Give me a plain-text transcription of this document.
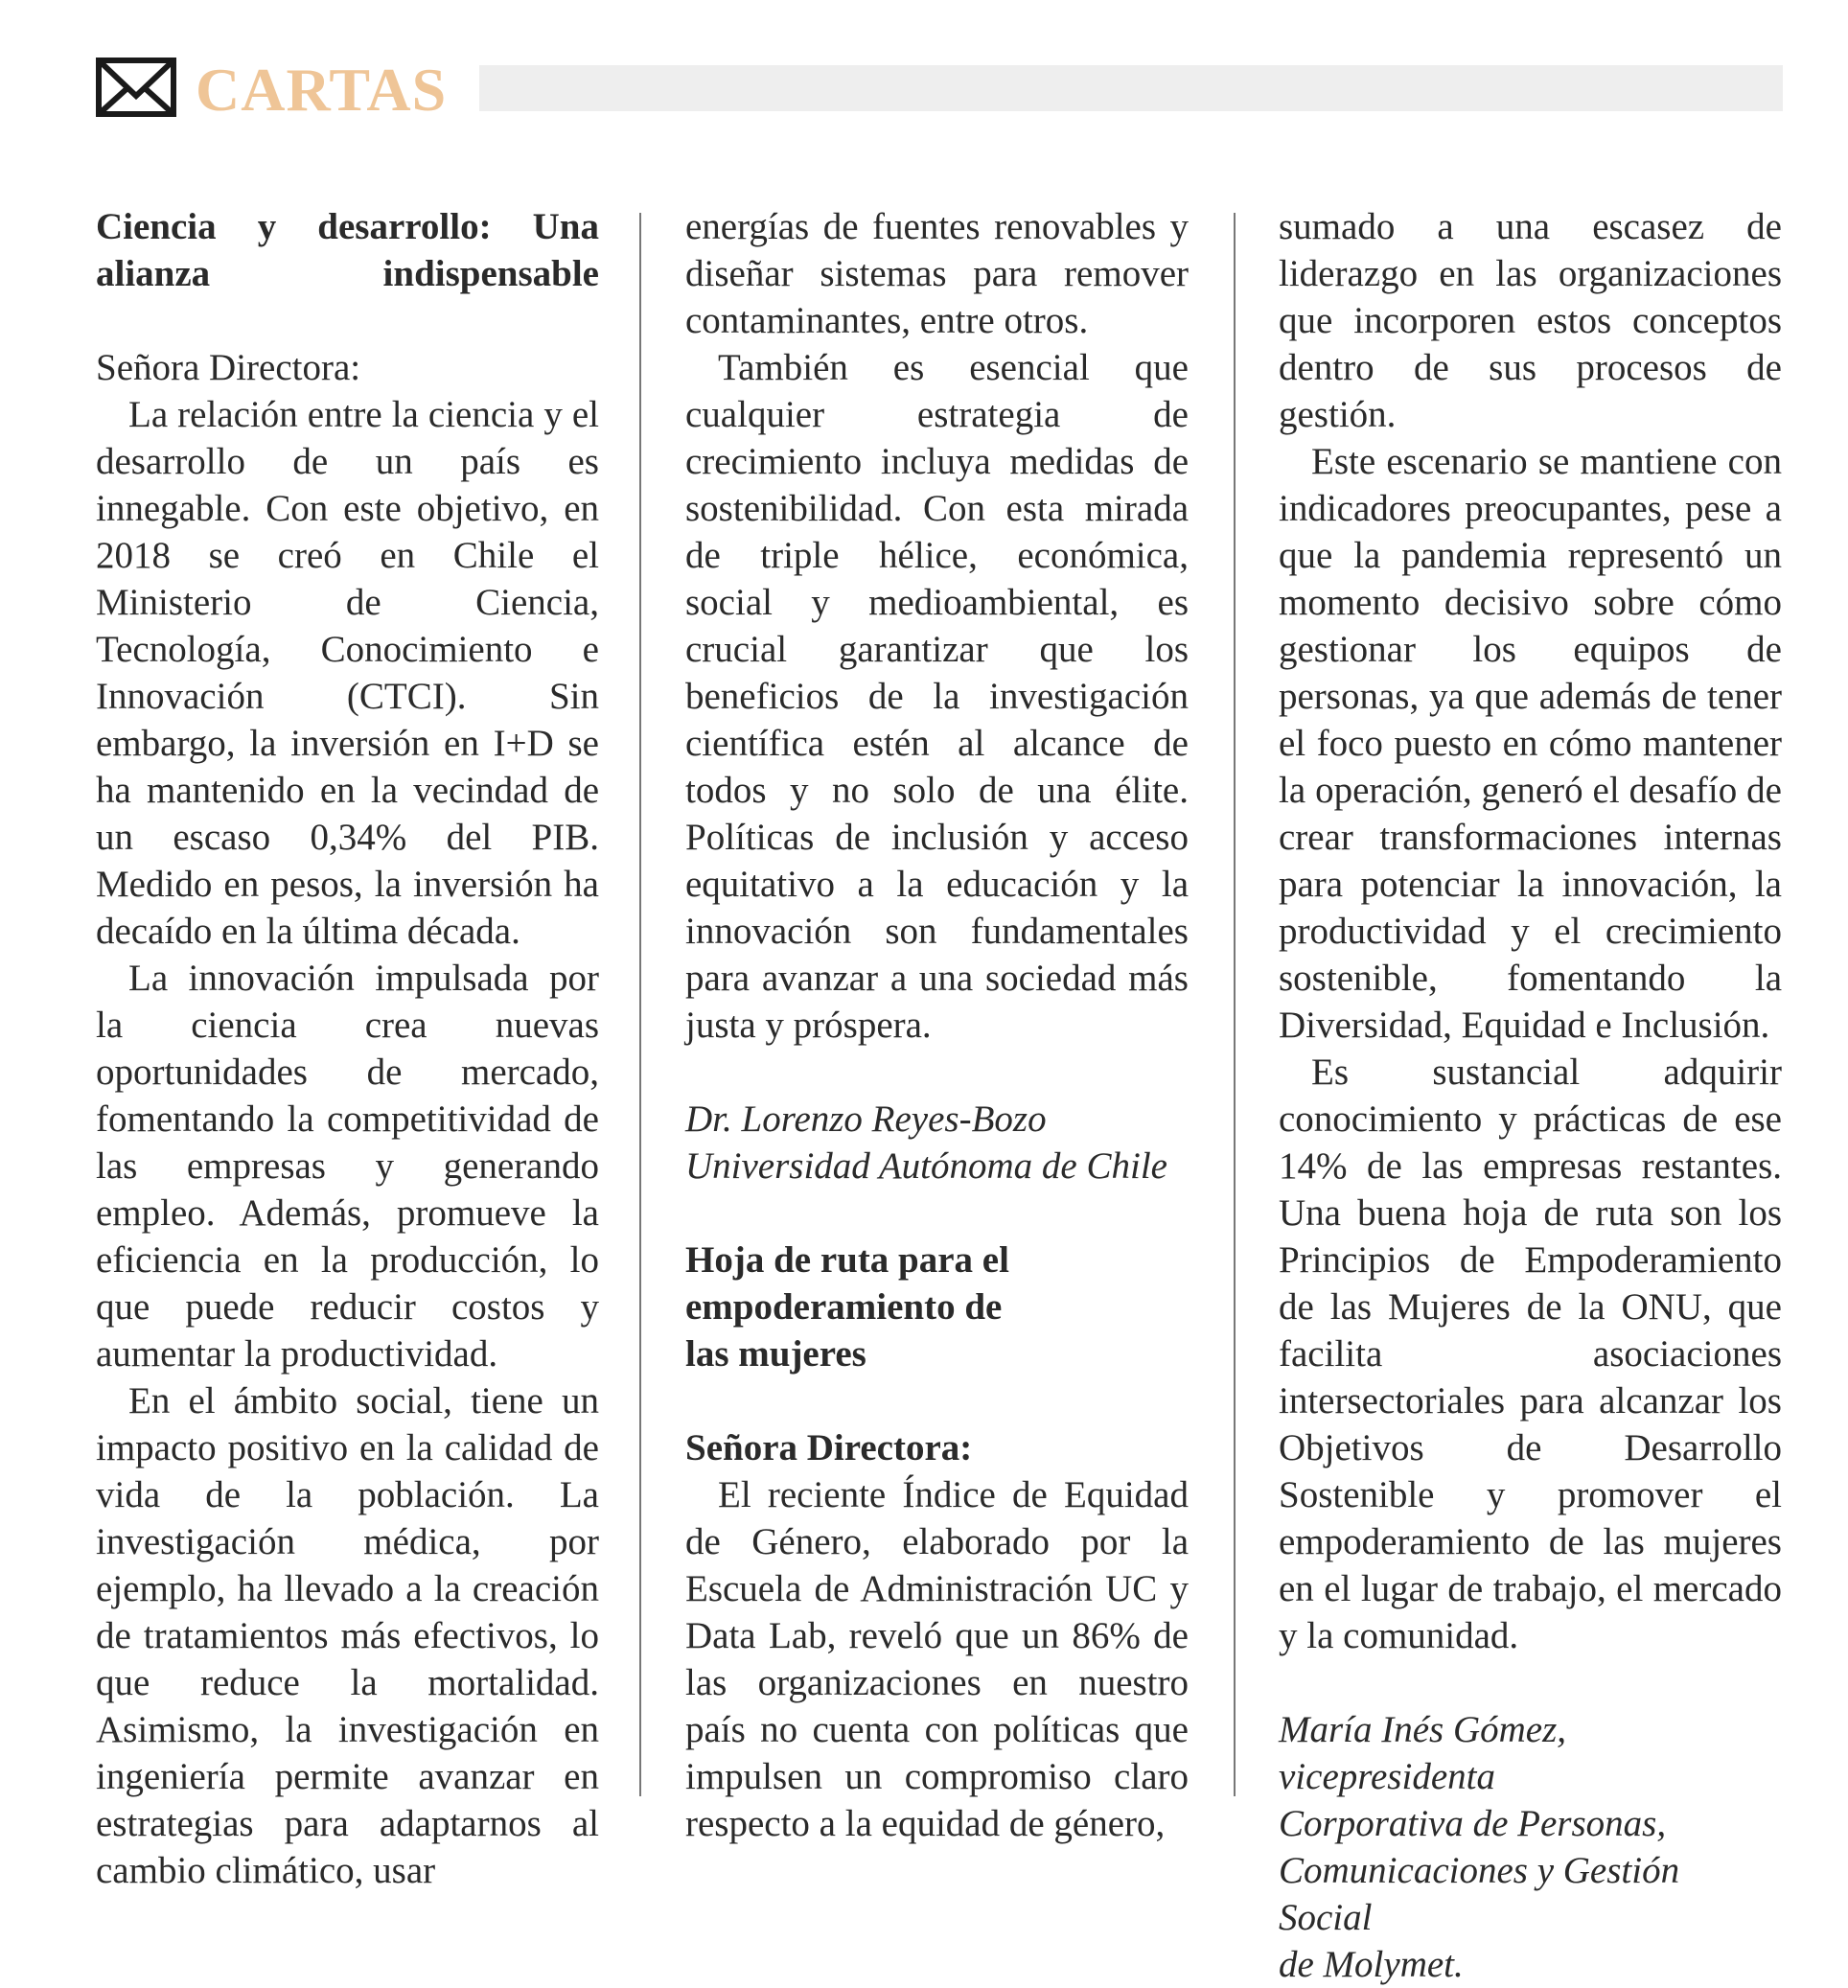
CARTAS

Ciencia y desarrollo: Una alianza indispensable

Señora Directora:

La relación entre la ciencia y el desarrollo de un país es innegable. Con este objetivo, en 2018 se creó en Chile el Ministerio de Ciencia, Tecnología, Conocimiento e Innovación (CTCI). Sin embargo, la inversión en I+D se ha mantenido en la vecindad de un escaso 0,34% del PIB. Medido en pesos, la inversión ha decaído en la última década.

La innovación impulsada por la ciencia crea nuevas oportunidades de mercado, fomentando la competitividad de las empresas y generando empleo. Además, promueve la eficiencia en la producción, lo que puede reducir costos y aumentar la productividad.

En el ámbito social, tiene un impacto positivo en la calidad de vida de la población. La investigación médica, por ejemplo, ha llevado a la creación de tratamientos más efectivos, lo que reduce la mortalidad. Asimismo, la investigación en ingeniería permite avanzar en estrategias para adaptarnos al cambio climático, usar

energías de fuentes renovables y diseñar sistemas para remover contaminantes, entre otros.

También es esencial que cualquier estrategia de crecimiento incluya medidas de sostenibilidad. Con esta mirada de triple hélice, económica, social y medioambiental, es crucial garantizar que los beneficios de la investigación científica estén al alcance de todos y no solo de una élite. Políticas de inclusión y acceso equitativo a la educación y la innovación son fundamentales para avanzar a una sociedad más justa y próspera.

Dr. Lorenzo Reyes-Bozo

Universidad Autónoma de Chile

Hoja de ruta para el
empoderamiento de
las mujeres

Señora Directora:

El reciente Índice de Equidad de Género, elaborado por la Escuela de Administración UC y Data Lab, reveló que un 86% de las organizaciones en nuestro país no cuenta con políticas que impulsen un compromiso claro respecto a la equidad de género,

sumado a una escasez de liderazgo en las organizaciones que incorporen estos conceptos dentro de sus procesos de gestión.

Este escenario se mantiene con indicadores preocupantes, pese a que la pandemia representó un momento decisivo sobre cómo gestionar los equipos de personas, ya que además de tener el foco puesto en cómo mantener la operación, generó el desafío de crear transformaciones internas para potenciar la innovación, la productividad y el crecimiento sostenible, fomentando la Diversidad, Equidad e Inclusión.

Es sustancial adquirir conocimiento y prácticas de ese 14% de las empresas restantes. Una buena hoja de ruta son los Principios de Empoderamiento de las Mujeres de la ONU, que facilita asociaciones intersectoriales para alcanzar los Objetivos de Desarrollo Sostenible y promover el empoderamiento de las mujeres en el lugar de trabajo, el mercado y la comunidad.

María Inés Gómez, vicepresidenta
Corporativa de Personas,
Comunicaciones y Gestión Social
de Molymet.
